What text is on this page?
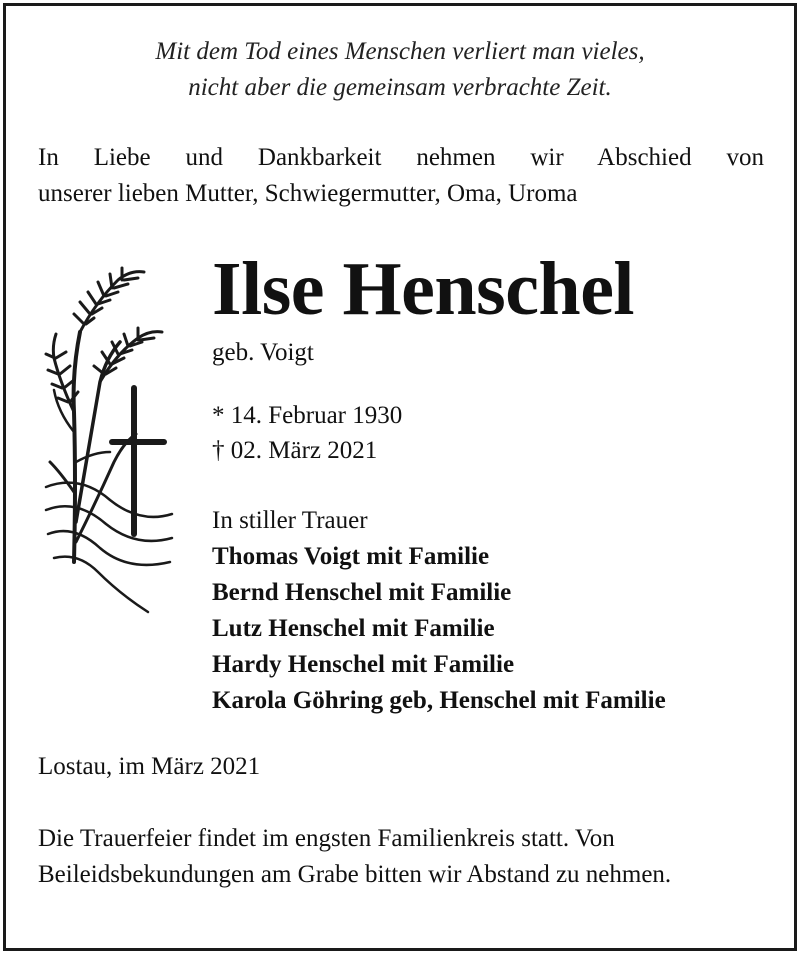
Mit dem Tod eines Menschen verliert man vieles,
nicht aber die gemeinsam verbrachte Zeit.
In Liebe und Dankbarkeit nehmen wir Abschied von
unserer lieben Mutter, Schwiegermutter, Oma, Uroma
Ilse Henschel
geb. Voigt
* 14. Februar 1930
† 02. März 2021
In stiller Trauer
Thomas Voigt mit Familie
Bernd Henschel mit Familie
Lutz Henschel mit Familie
Hardy Henschel mit Familie
Karola Göhring geb, Henschel mit Familie
Lostau, im März 2021
Die Trauerfeier findet im engsten Familienkreis statt. Von Beileidsbekundungen am Grabe bitten wir Abstand zu nehmen.
